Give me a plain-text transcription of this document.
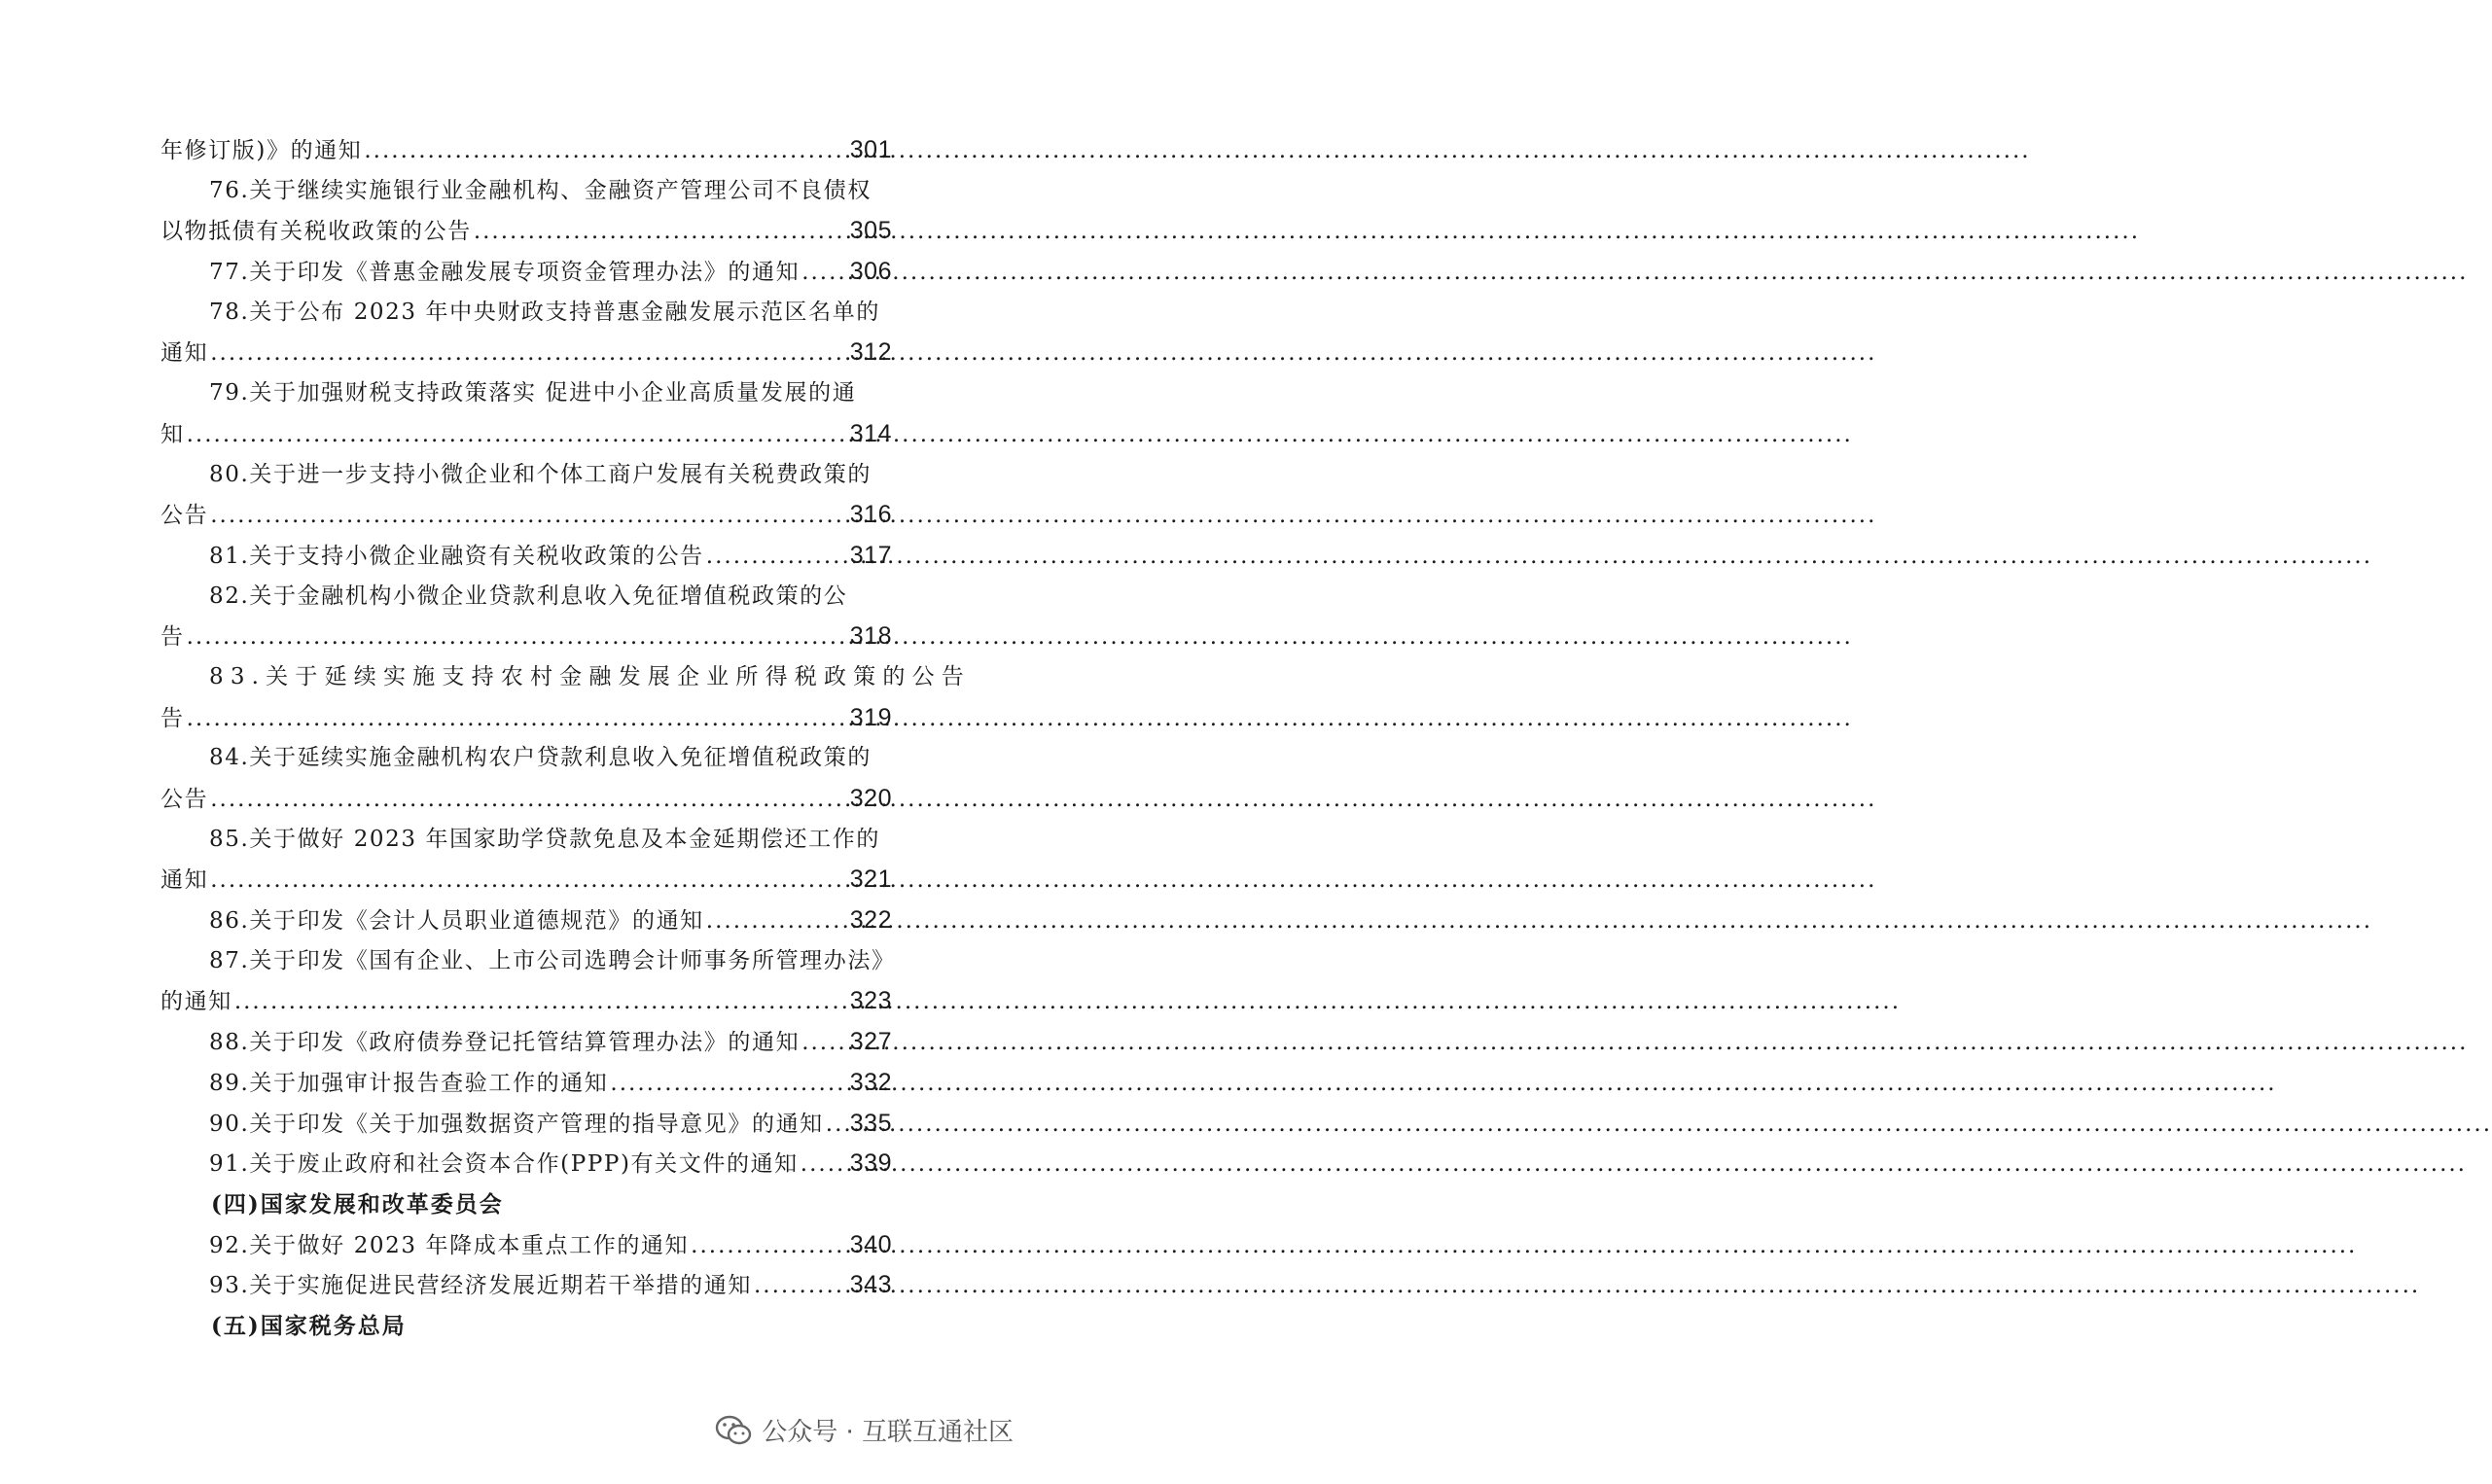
年修订版)》的通知 .....	301
76.关于继续实施银行业金融机构、金融资产管理公司不良债权
以物抵债有关税收政策的公告 .....	305
77.关于印发《普惠金融发展专项资金管理办法》的通知 ..... 306
78.关于公布 2023 年中央财政支持普惠金融发展示范区名单的
通知 .....	312
79.关于加强财税支持政策落实 促进中小企业高质量发展的通
知 .....	314
80.关于进一步支持小微企业和个体工商户发展有关税费政策的
公告 .....	316
81.关于支持小微企业融资有关税收政策的公告 .....	317
82.关于金融机构小微企业贷款利息收入免征增值税政策的公
告 .....	318
83.关于延续实施支持农村金融发展企业所得税政策的公告
告 .....	319
84.关于延续实施金融机构农户贷款利息收入免征增值税政策的
公告 .....	320
85.关于做好 2023 年国家助学贷款免息及本金延期偿还工作的
通知 .....	321
86.关于印发《会计人员职业道德规范》的通知 .....	322
87.关于印发《国有企业、上市公司选聘会计师事务所管理办法》
的通知 .....	323
88.关于印发《政府债券登记托管结算管理办法》的通知 ..... 327
89.关于加强审计报告查验工作的通知 .....	332
90.关于印发《关于加强数据资产管理的指导意见》的通知 ..... 335
91.关于废止政府和社会资本合作(PPP)有关文件的通知 ..... 339
(四)国家发展和改革委员会
92.关于做好 2023 年降成本重点工作的通知 .....	340
93.关于实施促进民营经济发展近期若干举措的通知 .....	343
(五)国家税务总局
公众号 · 互联互通社区
